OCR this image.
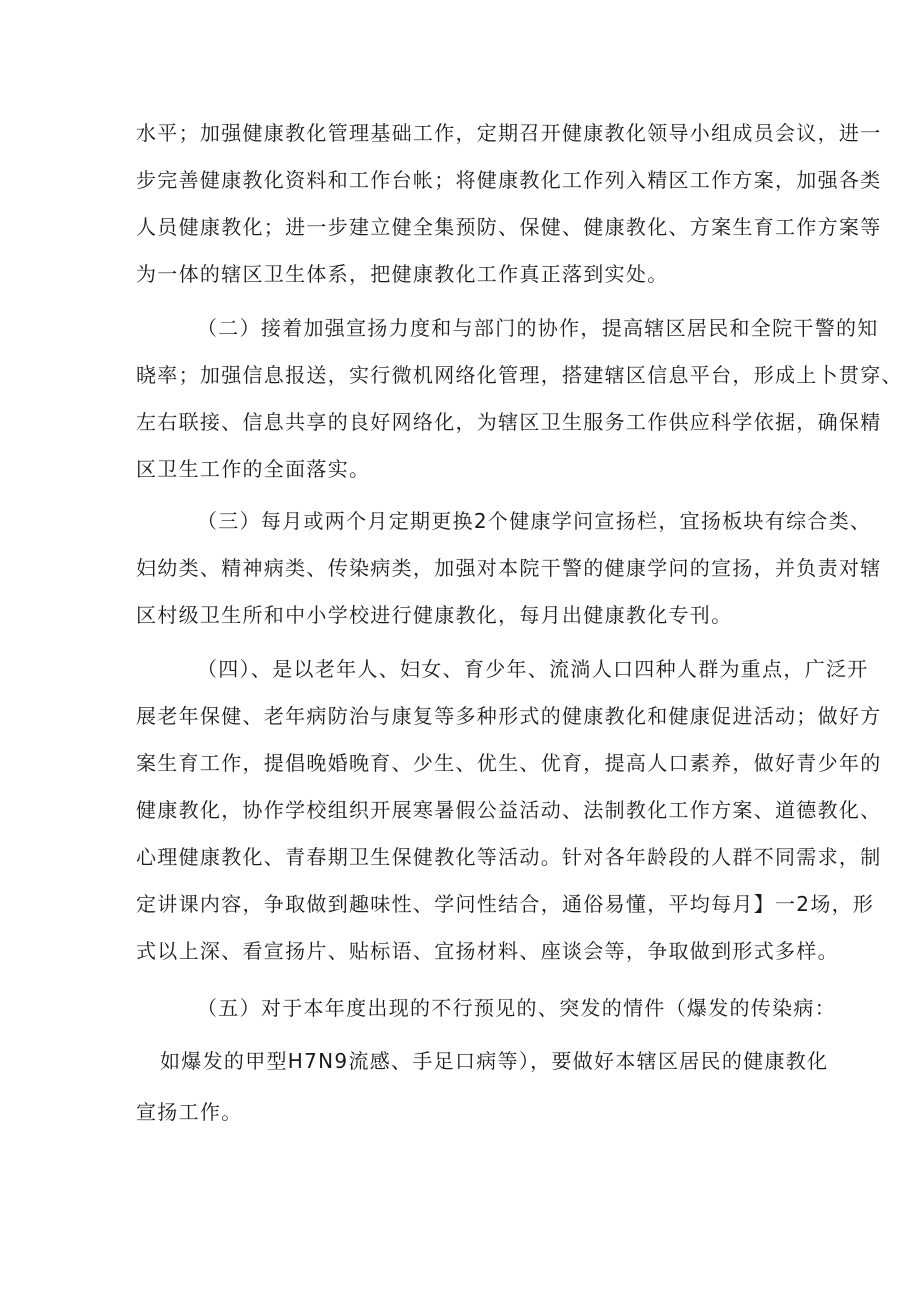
水平；加强健康教化管理基础工作，定期召开健康教化领导小组成员会议，进一
步完善健康教化资料和工作台帐；将健康教化工作列入精区工作方案，加强各类
人员健康教化；进一步建立健全集预防、保健、健康教化、方案生育工作方案等
为一体的辖区卫生体系，把健康教化工作真正落到实处。
（二）接着加强宣扬力度和与部门的协作，提高辖区居民和全院干警的知
晓率；加强信息报送，实行微机网络化管理，搭建辖区信息平台，形成上卜贯穿、
左右联接、信息共享的良好网络化，为辖区卫生服务工作供应科学依据，确保精
区卫生工作的全面落实。
（三）每月或两个月定期更换2个健康学问宣扬栏，宜扬板块有综合类、
妇幼类、精神病类、传染病类，加强对本院干警的健康学问的宣扬，并负责对辖
区村级卫生所和中小学校进行健康教化，每月出健康教化专刊。
（四）、是以老年人、妇女、育少年、流淌人口四种人群为重点，广泛开
展老年保健、老年病防治与康复等多种形式的健康教化和健康促进活动；做好方
案生育工作，提倡晚婚晚育、少生、优生、优育，提高人口素养，做好青少年的
健康教化，协作学校组织开展寒暑假公益活动、法制教化工作方案、道德教化、
心理健康教化、青春期卫生保健教化等活动。针对各年龄段的人群不同需求，制
定讲课内容，争取做到趣味性、学问性结合，通俗易懂，平均每月】一2场，形
式以上深、看宣扬片、贴标语、宜扬材料、座谈会等，争取做到形式多样。
（五）对于本年度出现的不行预见的、突发的情件（爆发的传染病：
如爆发的甲型H7N9流感、手足口病等），要做好本辖区居民的健康教化
宣扬工作。
